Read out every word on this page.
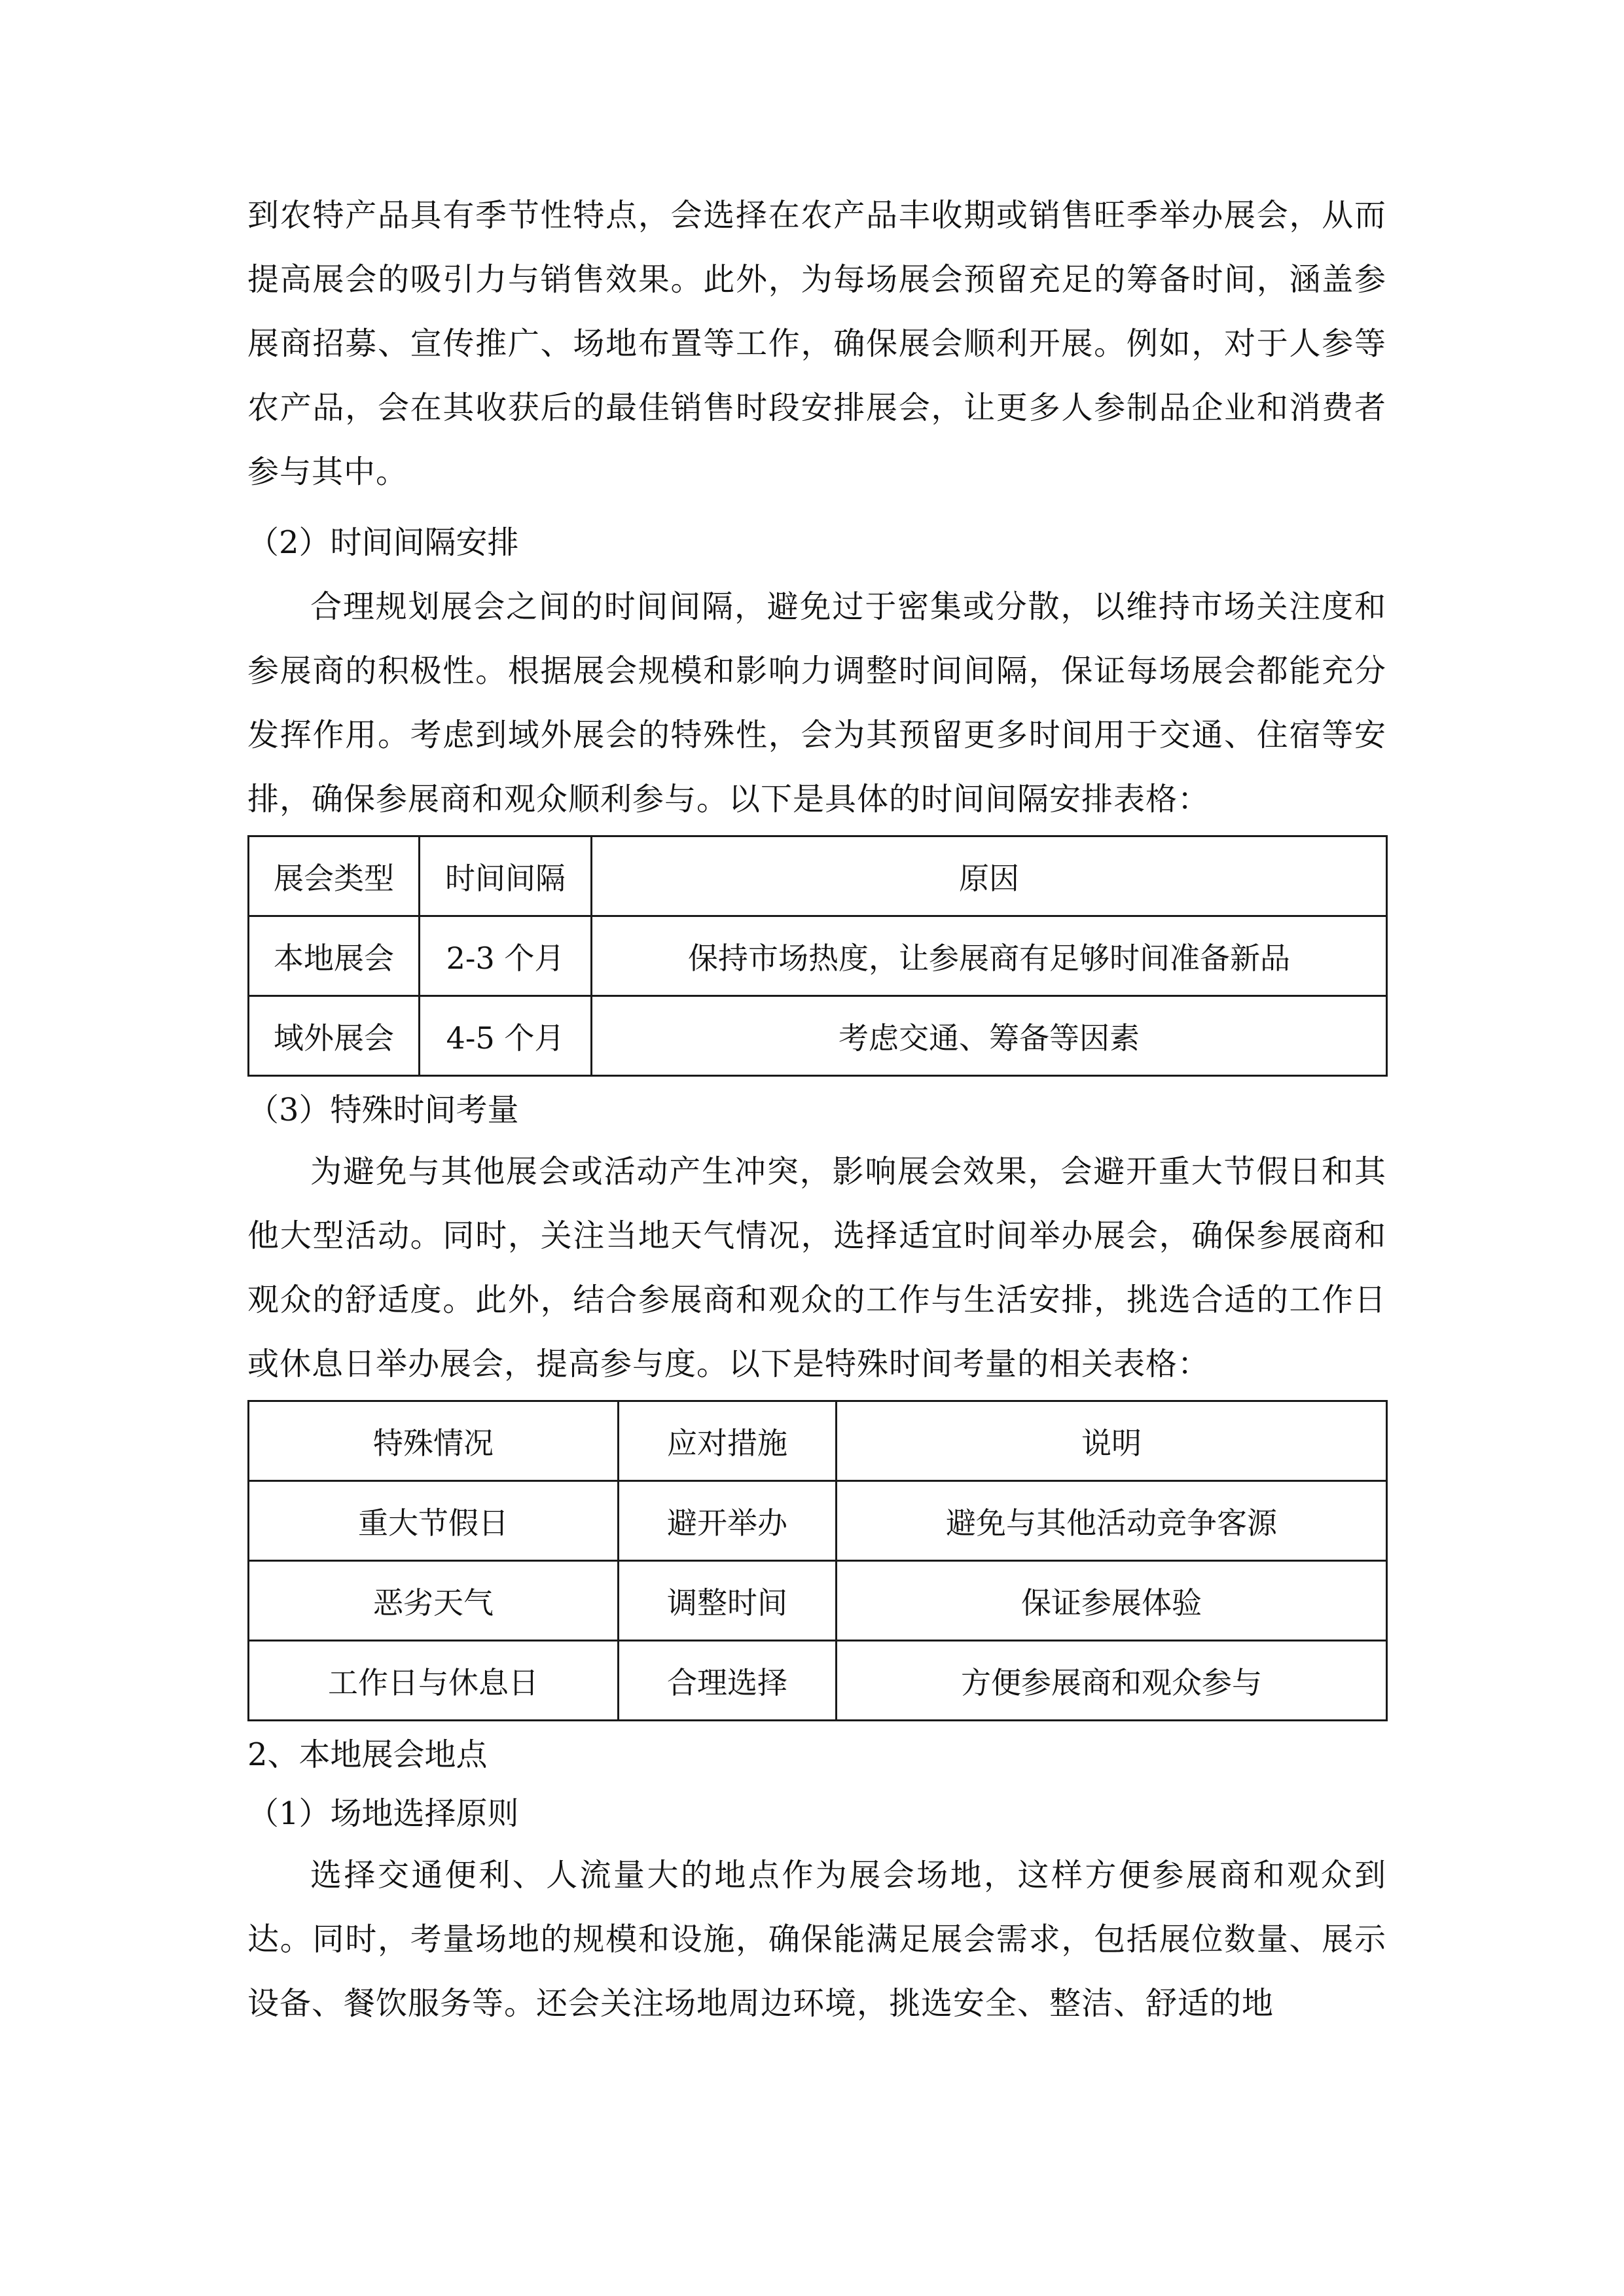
到农特产品具有季节性特点，会选择在农产品丰收期或销售旺季举办展会，从而提高展会的吸引力与销售效果。此外，为每场展会预留充足的筹备时间，涵盖参展商招募、宣传推广、场地布置等工作，确保展会顺利开展。例如，对于人参等农产品，会在其收获后的最佳销售时段安排展会，让更多人参制品企业和消费者参与其中。

（2）时间间隔安排

合理规划展会之间的时间间隔，避免过于密集或分散，以维持市场关注度和参展商的积极性。根据展会规模和影响力调整时间间隔，保证每场展会都能充分发挥作用。考虑到域外展会的特殊性，会为其预留更多时间用于交通、住宿等安排，确保参展商和观众顺利参与。以下是具体的时间间隔安排表格：

展会类型	时间间隔	原因
本地展会	2-3 个月	保持市场热度，让参展商有足够时间准备新品
域外展会	4-5 个月	考虑交通、筹备等因素

（3）特殊时间考量

为避免与其他展会或活动产生冲突，影响展会效果，会避开重大节假日和其他大型活动。同时，关注当地天气情况，选择适宜时间举办展会，确保参展商和观众的舒适度。此外，结合参展商和观众的工作与生活安排，挑选合适的工作日或休息日举办展会，提高参与度。以下是特殊时间考量的相关表格：

特殊情况	应对措施	说明
重大节假日	避开举办	避免与其他活动竞争客源
恶劣天气	调整时间	保证参展体验
工作日与休息日	合理选择	方便参展商和观众参与

2、本地展会地点

（1）场地选择原则

选择交通便利、人流量大的地点作为展会场地，这样方便参展商和观众到达。同时，考量场地的规模和设施，确保能满足展会需求，包括展位数量、展示设备、餐饮服务等。还会关注场地周边环境，挑选安全、整洁、舒适的地
